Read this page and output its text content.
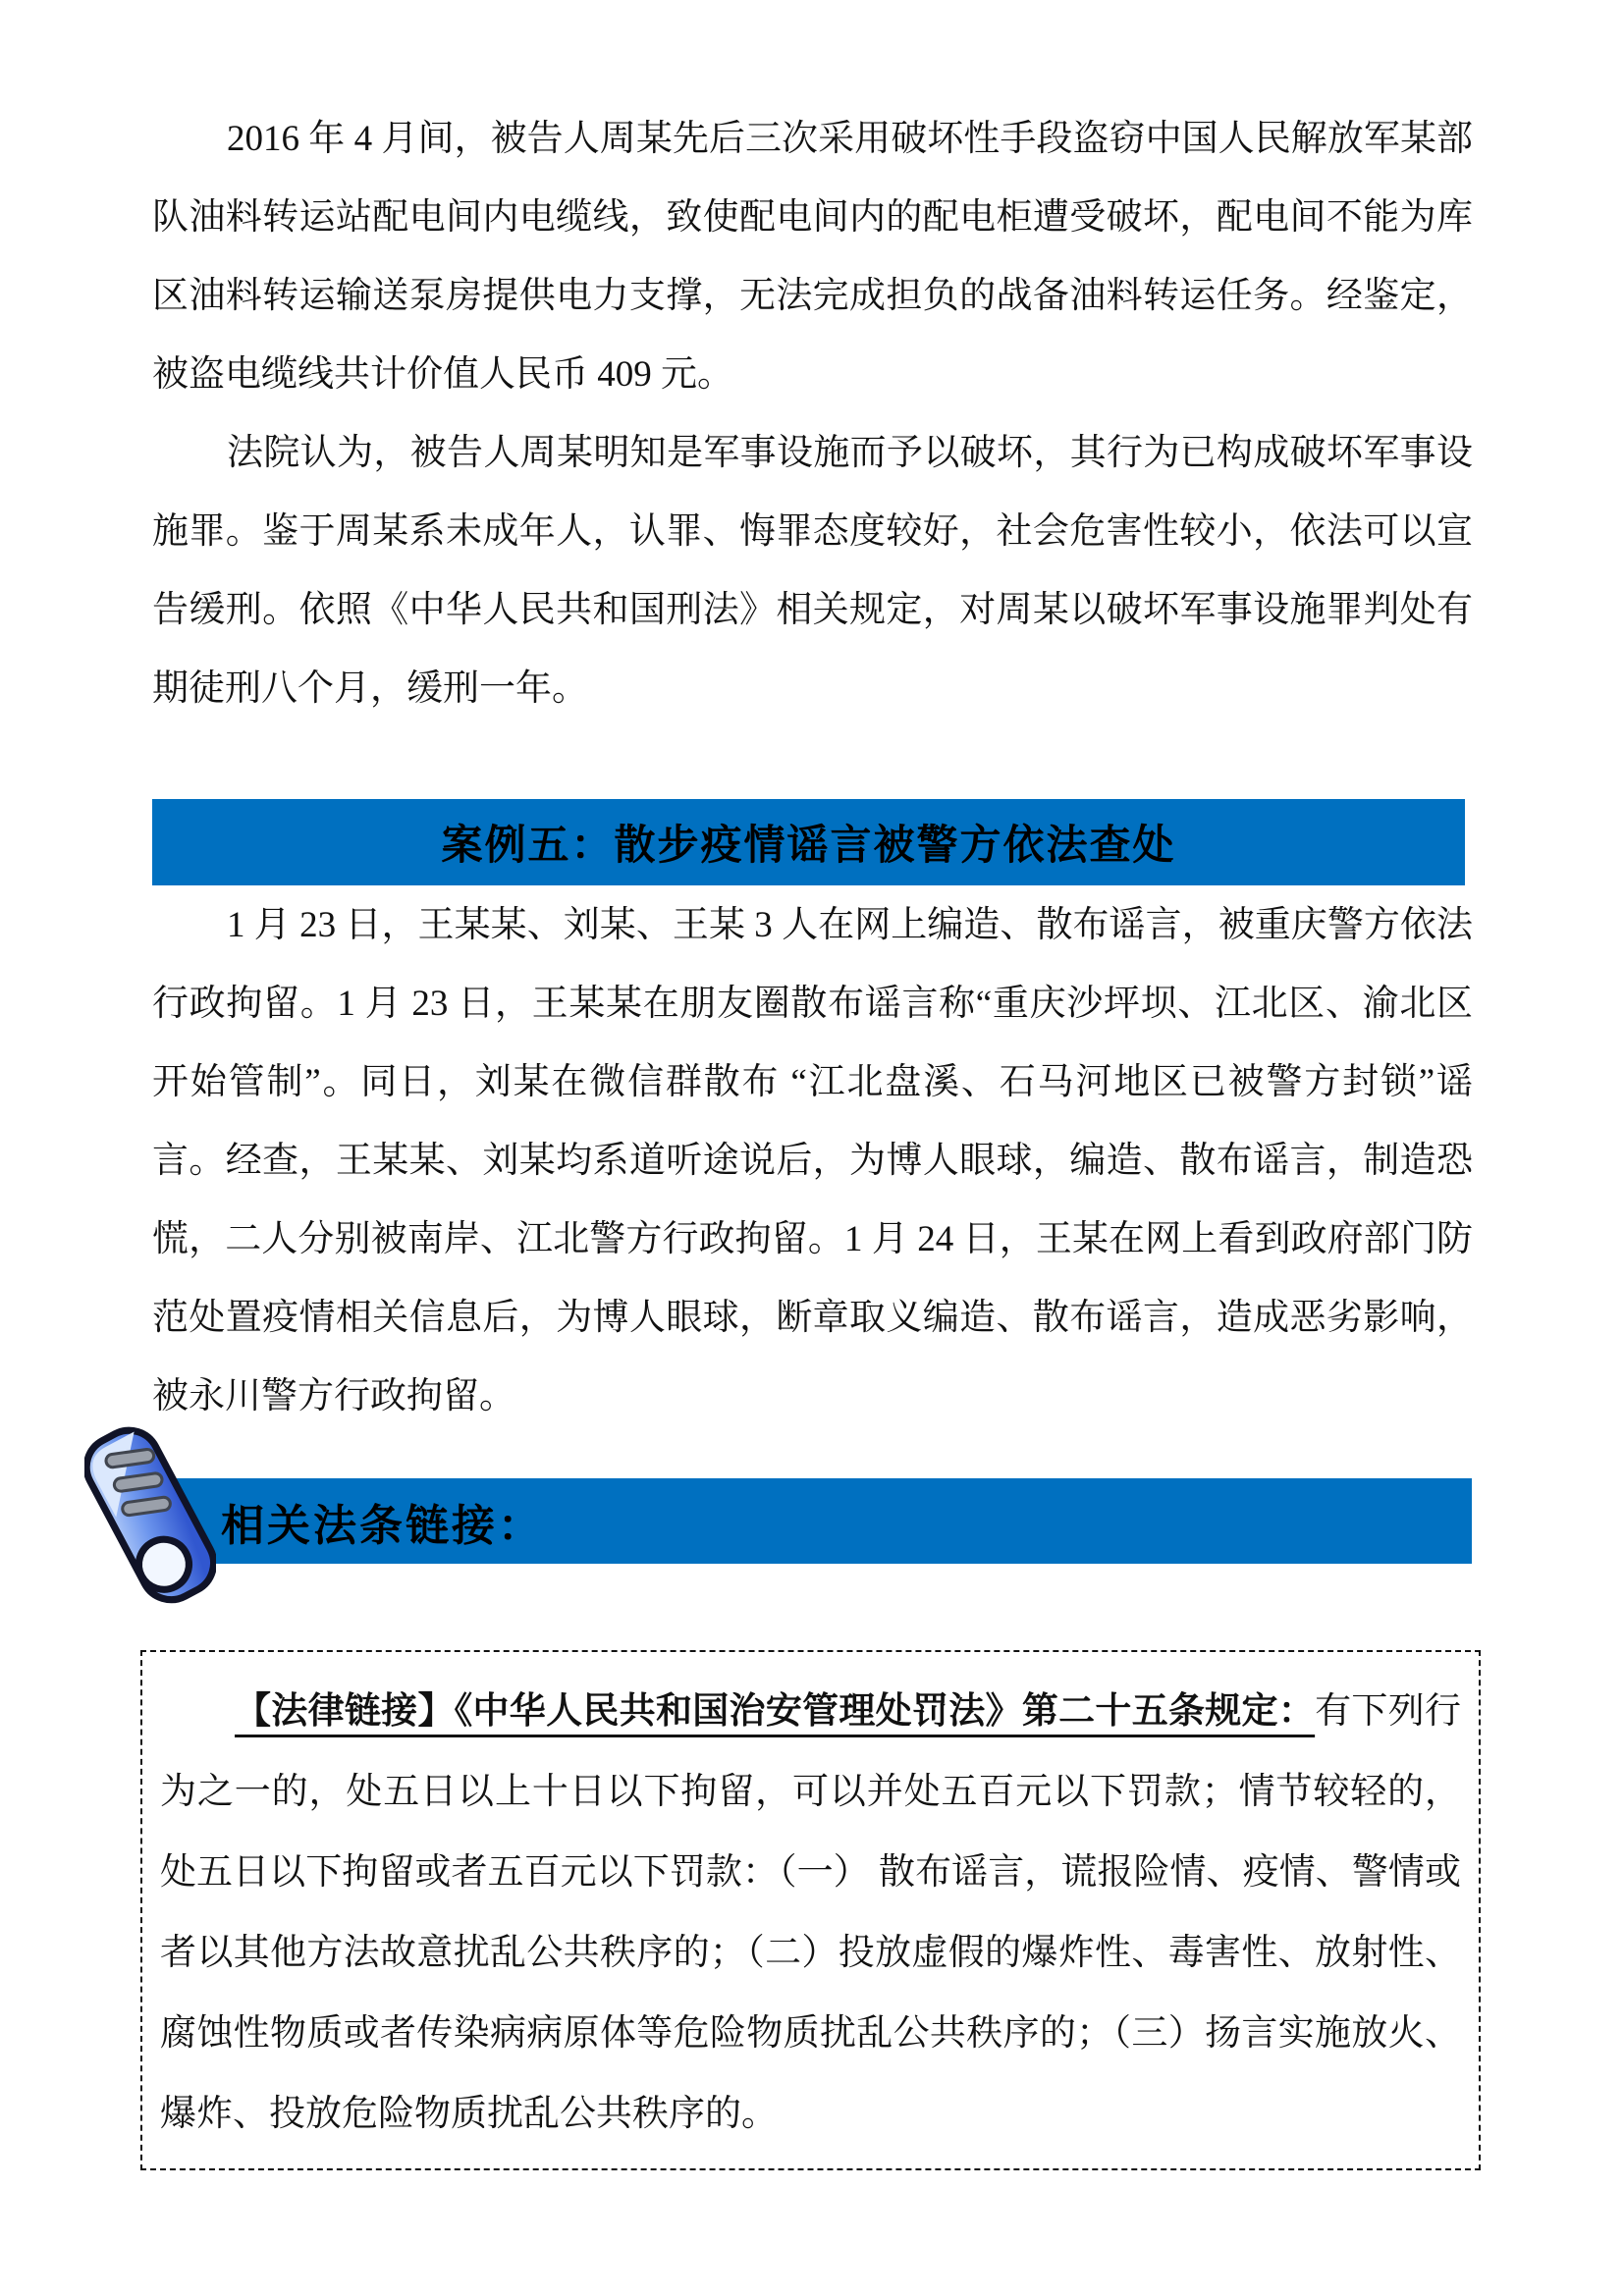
2016 年 4 月间，被告人周某先后三次采用破坏性手段盗窃中国人民解放军某部队油料转运站配电间内电缆线，致使配电间内的配电柜遭受破坏，配电间不能为库区油料转运输送泵房提供电力支撑，无法完成担负的战备油料转运任务。经鉴定，被盗电缆线共计价值人民币 409 元。

法院认为，被告人周某明知是军事设施而予以破坏，其行为已构成破坏军事设施罪。鉴于周某系未成年人，认罪、悔罪态度较好，社会危害性较小，依法可以宣告缓刑。依照《中华人民共和国刑法》相关规定，对周某以破坏军事设施罪判处有期徒刑八个月，缓刑一年。

案例五：散步疫情谣言被警方依法查处

1 月 23 日，王某某、刘某、王某 3 人在网上编造、散布谣言，被重庆警方依法行政拘留。1 月 23 日，王某某在朋友圈散布谣言称“重庆沙坪坝、江北区、渝北区开始管制”。同日，刘某在微信群散布 “江北盘溪、石马河地区已被警方封锁”谣言。经查，王某某、刘某均系道听途说后，为博人眼球，编造、散布谣言，制造恐慌，二人分别被南岸、江北警方行政拘留。1 月 24 日，王某在网上看到政府部门防范处置疫情相关信息后，为博人眼球，断章取义编造、散布谣言，造成恶劣影响，被永川警方行政拘留。

相关法条链接：

【法律链接】《中华人民共和国治安管理处罚法》第二十五条规定：有下列行为之一的，处五日以上十日以下拘留，可以并处五百元以下罚款；情节较轻的，处五日以下拘留或者五百元以下罚款：（一） 散布谣言，谎报险情、疫情、警情或者以其他方法故意扰乱公共秩序的；（二）投放虚假的爆炸性、毒害性、放射性、腐蚀性物质或者传染病病原体等危险物质扰乱公共秩序的；（三）扬言实施放火、爆炸、投放危险物质扰乱公共秩序的。
